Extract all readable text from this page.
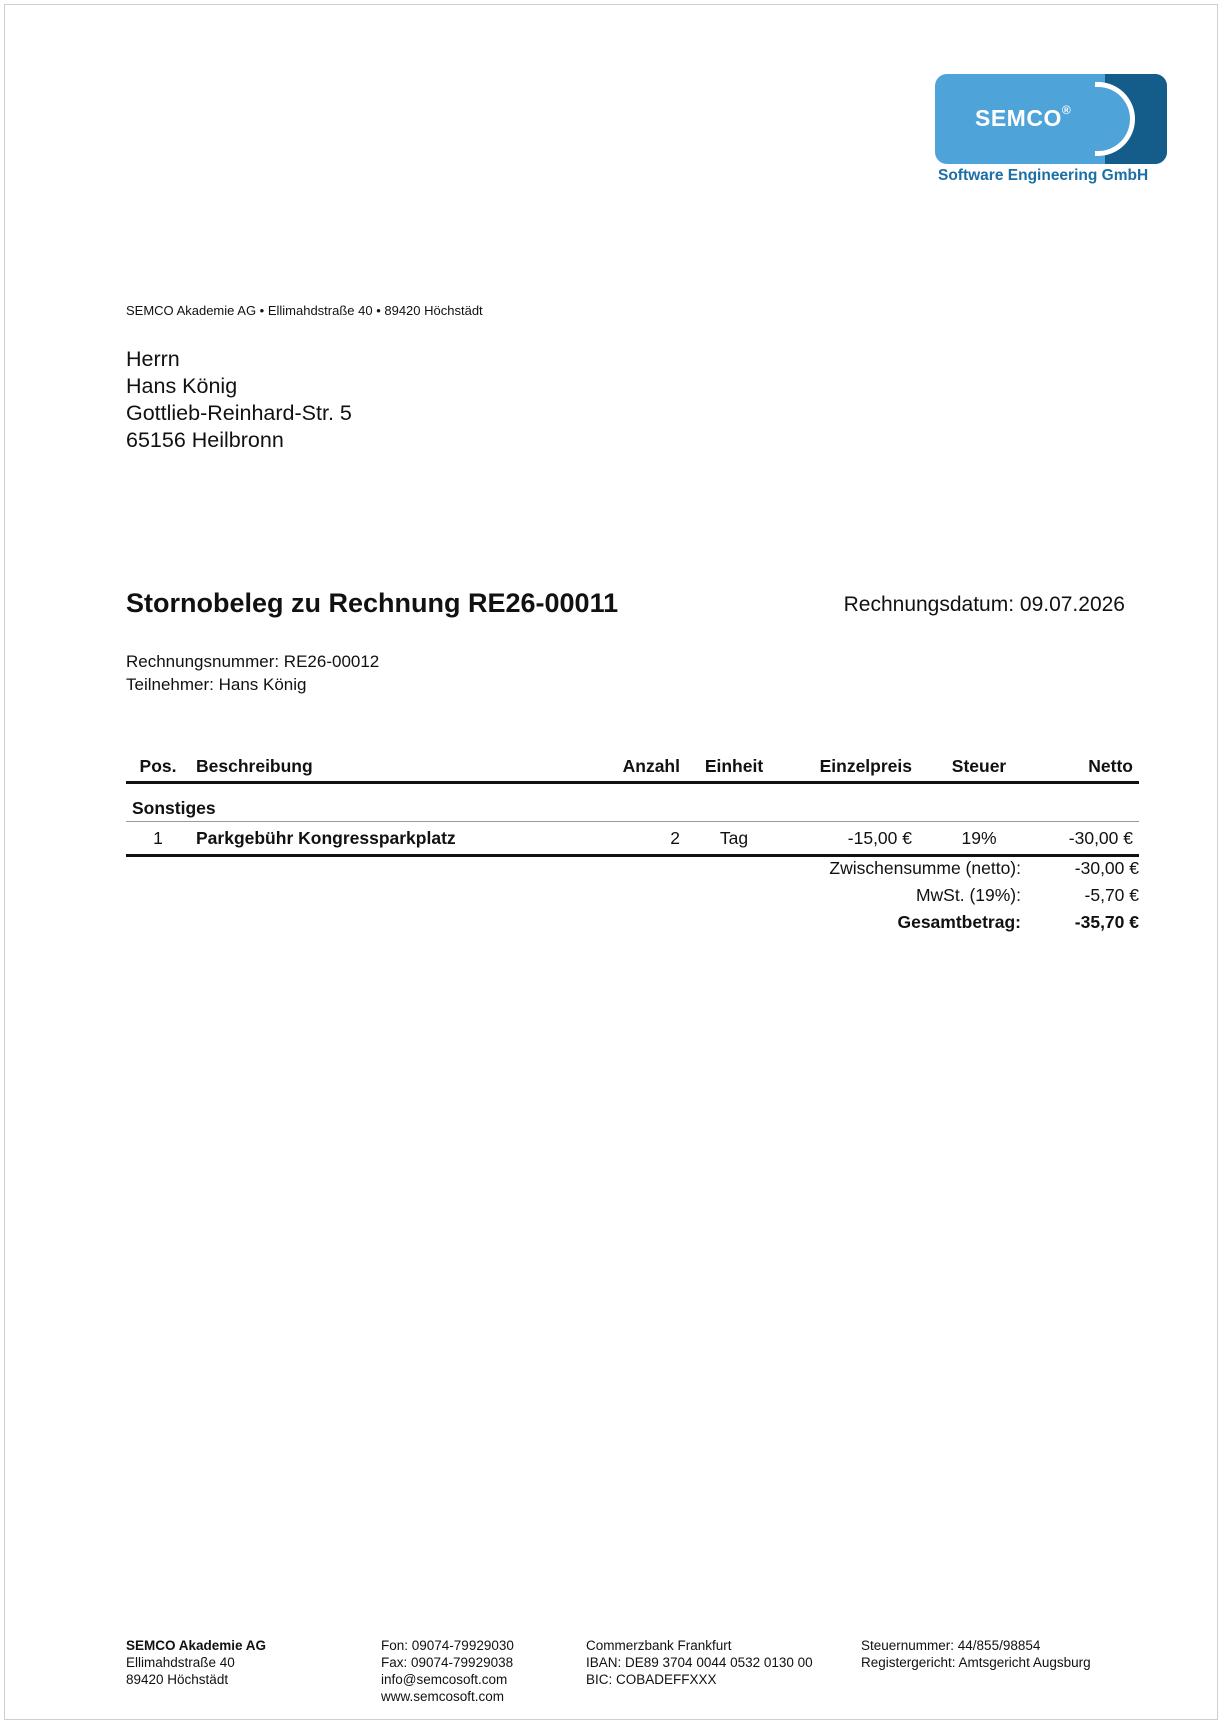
SEMCO®
Software Engineering GmbH
SEMCO Akademie AG • Ellimahdstraße 40 • 89420 Höchstädt
Herrn
Hans König
Gottlieb-Reinhard-Str. 5
65156 Heilbronn
Stornobeleg zu Rechnung RE26-00011	Rechnungsdatum: 09.07.2026
Rechnungsnummer: RE26-00012
Teilnehmer: Hans König
Pos.	Beschreibung	Anzahl	Einheit	Einzelpreis	Steuer	Netto
Sonstiges						
1	Parkgebühr Kongressparkplatz	2	Tag	-15,00 €	19%	-30,00 €
Zwischensumme (netto):	-30,00 €
MwSt. (19%):	-5,70 €
Gesamtbetrag:	-35,70 €
SEMCO Akademie AG
Ellimahdstraße 40
89420 Höchstädt
Fon: 09074-79929030
Fax: 09074-79929038
info@semcosoft.com
www.semcosoft.com
Commerzbank Frankfurt
IBAN: DE89 3704 0044 0532 0130 00
BIC: COBADEFFXXX
Steuernummer: 44/855/98854
Registergericht: Amtsgericht Augsburg
